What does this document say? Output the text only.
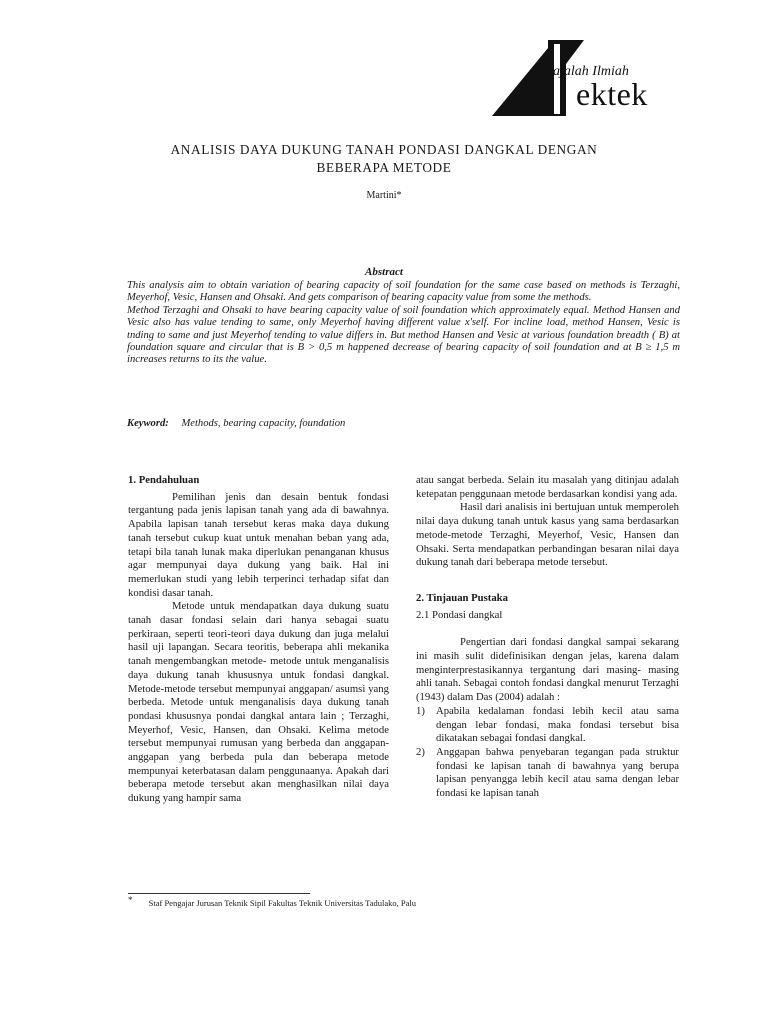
ajalah Ilmiah
ektek
ANALISIS DAYA DUKUNG TANAH PONDASI DANGKAL DENGAN BEBERAPA METODE
Martini*
Abstract

This analysis aim to obtain variation of bearing capacity of soil foundation for the same case based on methods is Terzaghi, Meyerhof, Vesic, Hansen and Ohsaki. And gets comparison of bearing capacity value from some the methods.

Method Terzaghi and Ohsaki to have bearing capacity value of soil foundation which approximately equal. Method Hansen and Vesic also has value tending to same, only Meyerhof having different value x'self. For incline load, method Hansen, Vesic is tnding to same and just Meyerhof tending to value differs in. But method Hansen and Vesic at various foundation breadth ( B) at foundation square and circular that is B > 0,5 m happened decrease of bearing capacity of soil foundation and at B ≥ 1,5 m increases returns to its the value.

Keyword: Methods, bearing capacity, foundation

1. Pendahuluan

Pemilihan jenis dan desain bentuk fondasi tergantung pada jenis lapisan tanah yang ada di bawahnya. Apabila lapisan tanah tersebut keras maka daya dukung tanah tersebut cukup kuat untuk menahan beban yang ada, tetapi bila tanah lunak maka diperlukan penanganan khusus agar mempunyai daya dukung yang baik. Hal ini memerlukan studi yang lebih terperinci terhadap sifat dan kondisi dasar tanah.

Metode untuk mendapatkan daya dukung suatu tanah dasar fondasi selain dari hanya sebagai suatu perkiraan, seperti teori-teori daya dukung dan juga melalui hasil uji lapangan. Secara teoritis, beberapa ahli mekanika tanah mengembangkan metode- metode untuk menganalisis daya dukung tanah khususnya untuk fondasi dangkal. Metode-metode tersebut mempunyai anggapan/ asumsi yang berbeda. Metode untuk menganalisis daya dukung tanah pondasi khususnya pondai dangkal antara lain ; Terzaghi, Meyerhof, Vesic, Hansen, dan Ohsaki. Kelima metode tersebut mempunyai rumusan yang berbeda dan anggapan-anggapan yang berbeda pula dan beberapa metode mempunyai keterbatasan dalam penggunaanya. Apakah dari beberapa metode tersebut akan menghasilkan nilai daya dukung yang hampir sama

atau sangat berbeda. Selain itu masalah yang ditinjau adalah ketepatan penggunaan metode berdasarkan kondisi yang ada.

Hasil dari analisis ini bertujuan untuk memperoleh nilai daya dukung tanah untuk kasus yang sama berdasarkan metode-metode Terzaghi, Meyerhof, Vesic, Hansen dan Ohsaki. Serta mendapatkan perbandingan besaran nilai daya dukung tanah dari beberapa metode tersebut.

2. Tinjauan Pustaka

2.1 Pondasi dangkal

Pengertian dari fondasi dangkal sampai sekarang ini masih sulit didefinisikan dengan jelas, karena dalam menginterprestasikannya tergantung dari masing- masing ahli tanah. Sebagai contoh fondasi dangkal menurut Terzaghi (1943) dalam Das (2004) adalah :

1) Apabila kedalaman fondasi lebih kecil atau sama dengan lebar fondasi, maka fondasi tersebut bisa dikatakan sebagai fondasi dangkal.
2) Anggapan bahwa penyebaran tegangan pada struktur fondasi ke lapisan tanah di bawahnya yang berupa lapisan penyangga lebih kecil atau sama dengan lebar fondasi ke lapisan tanah
* Staf Pengajar Jurusan Teknik Sipil Fakultas Teknik Universitas Tadulako, Palu
